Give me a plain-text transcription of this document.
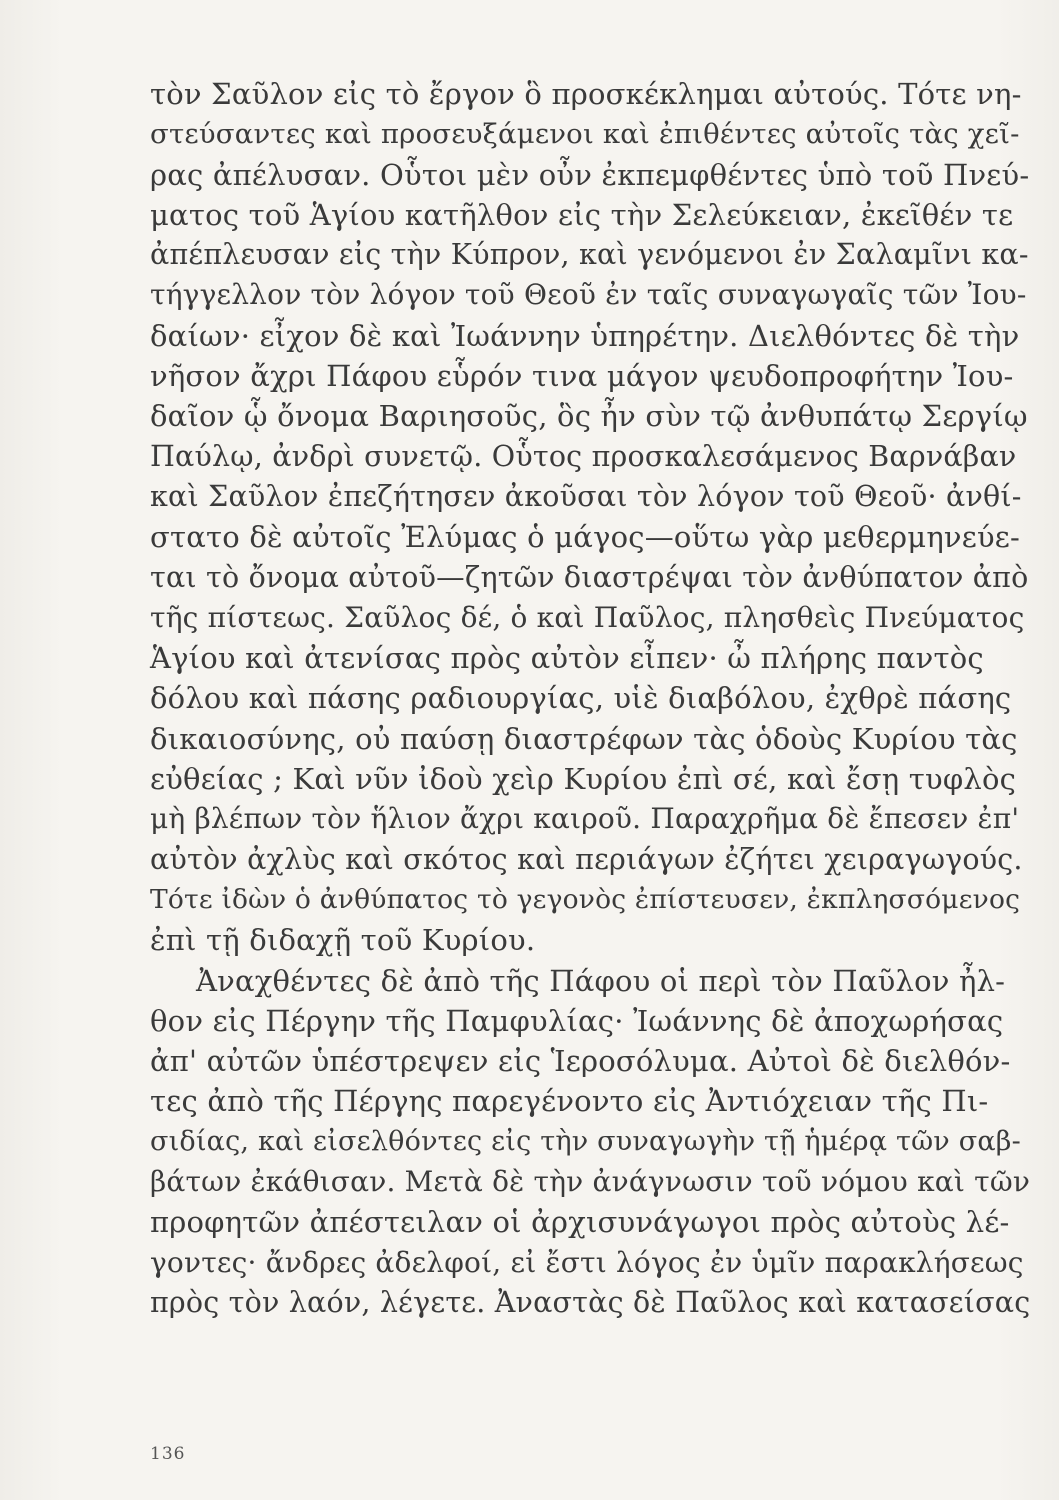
τὸν Σαῦλον εἰς τὸ ἔργον ὃ προσκέκλημαι αὐτούς. Τότε νη-
στεύσαντες καὶ προσευξάμενοι καὶ ἐπιθέντες αὐτοῖς τὰς χεῖ-
ρας ἀπέλυσαν. Οὗτοι μὲν οὖν ἐκπεμφθέντες ὑπὸ τοῦ Πνεύ-
ματος τοῦ Ἁγίου κατῆλθον εἰς τὴν Σελεύκειαν, ἐκεῖθέν τε
ἀπέπλευσαν εἰς τὴν Κύπρον, καὶ γενόμενοι ἐν Σαλαμῖνι κα-
τήγγελλον τὸν λόγον τοῦ Θεοῦ ἐν ταῖς συναγωγαῖς τῶν Ἰου-
δαίων· εἶχον δὲ καὶ Ἰωάννην ὑπηρέτην. Διελθόντες δὲ τὴν
νῆσον ἄχρι Πάφου εὗρόν τινα μάγον ψευδοπροφήτην Ἰου-
δαῖον ᾧ ὄνομα Βαριησοῦς, ὃς ἦν σὺν τῷ ἀνθυπάτῳ Σεργίῳ
Παύλῳ, ἀνδρὶ συνετῷ. Οὗτος προσκαλεσάμενος Βαρνάβαν
καὶ Σαῦλον ἐπεζήτησεν ἀκοῦσαι τὸν λόγον τοῦ Θεοῦ· ἀνθί-
στατο δὲ αὐτοῖς Ἐλύμας ὁ μάγος—οὕτω γὰρ μεθερμηνεύε-
ται τὸ ὄνομα αὐτοῦ—ζητῶν διαστρέψαι τὸν ἀνθύπατον ἀπὸ
τῆς πίστεως. Σαῦλος δέ, ὁ καὶ Παῦλος, πλησθεὶς Πνεύματος
Ἁγίου καὶ ἀτενίσας πρὸς αὐτὸν εἶπεν· ὦ πλήρης παντὸς
δόλου καὶ πάσης ραδιουργίας, υἱὲ διαβόλου, ἐχθρὲ πάσης
δικαιοσύνης, οὐ παύσῃ διαστρέφων τὰς ὁδοὺς Κυρίου τὰς
εὐθείας ; Καὶ νῦν ἰδοὺ χεὶρ Κυρίου ἐπὶ σέ, καὶ ἔσῃ τυφλὸς
μὴ βλέπων τὸν ἥλιον ἄχρι καιροῦ. Παραχρῆμα δὲ ἔπεσεν ἐπ'
αὐτὸν ἀχλὺς καὶ σκότος καὶ περιάγων ἐζήτει χειραγωγούς.
Τότε ἰδὼν ὁ ἀνθύπατος τὸ γεγονὸς ἐπίστευσεν, ἐκπλησσόμενος
ἐπὶ τῇ διδαχῇ τοῦ Κυρίου.
Ἀναχθέντες δὲ ἀπὸ τῆς Πάφου οἱ περὶ τὸν Παῦλον ἦλ-
θον εἰς Πέργην τῆς Παμφυλίας· Ἰωάννης δὲ ἀποχωρήσας
ἀπ' αὐτῶν ὑπέστρεψεν εἰς Ἱεροσόλυμα. Αὐτοὶ δὲ διελθόν-
τες ἀπὸ τῆς Πέργης παρεγένοντο εἰς Ἀντιόχειαν τῆς Πι-
σιδίας, καὶ εἰσελθόντες εἰς τὴν συναγωγὴν τῇ ἡμέρᾳ τῶν σαβ-
βάτων ἐκάθισαν. Μετὰ δὲ τὴν ἀνάγνωσιν τοῦ νόμου καὶ τῶν
προφητῶν ἀπέστειλαν οἱ ἀρχισυνάγωγοι πρὸς αὐτοὺς λέ-
γοντες· ἄνδρες ἀδελφοί, εἰ ἔστι λόγος ἐν ὑμῖν παρακλήσεως
πρὸς τὸν λαόν, λέγετε. Ἀναστὰς δὲ Παῦλος καὶ κατασείσας
136
